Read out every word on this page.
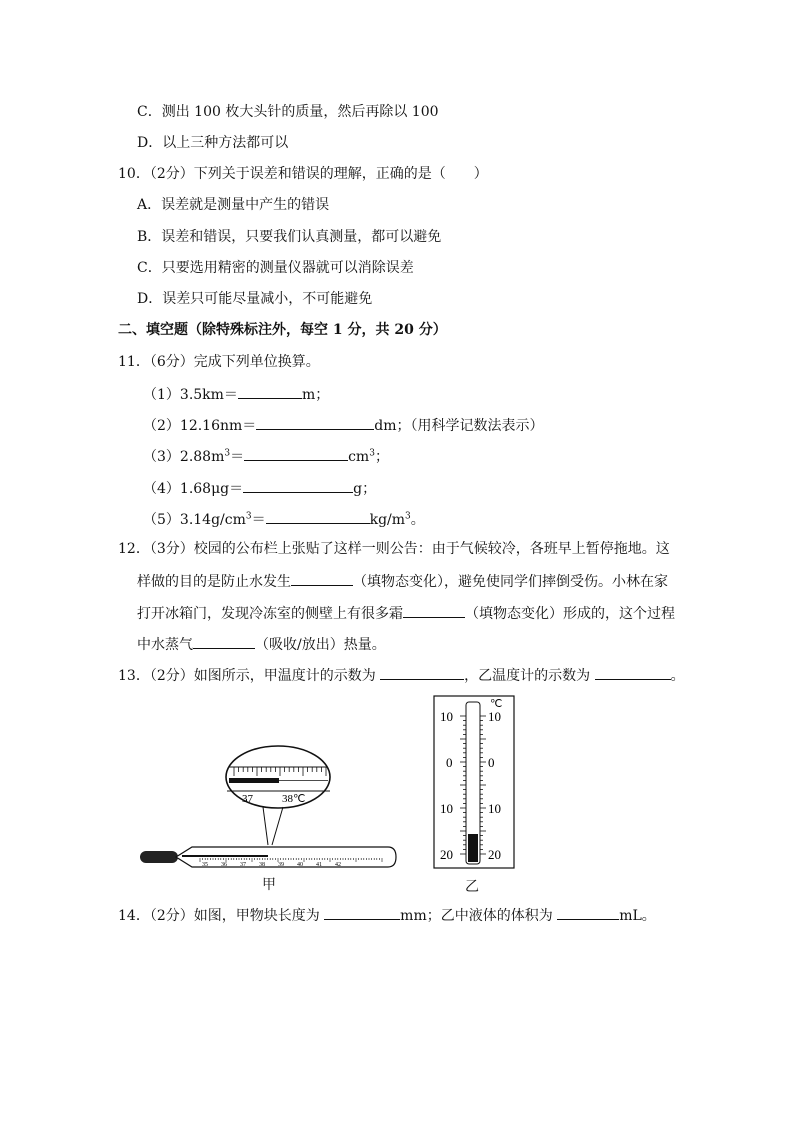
C．测出 100 枚大头针的质量，然后再除以 100
D．以上三种方法都可以
10．（2分）下列关于误差和错误的理解，正确的是（　　）
A．误差就是测量中产生的错误
B．误差和错误，只要我们认真测量，都可以避免
C．只要选用精密的测量仪器就可以消除误差
D．误差只可能尽量减小，不可能避免
二、填空题（除特殊标注外，每空 1 分，共 20 分）
11．（6分）完成下列单位换算。
（1）3.5km＝	m；
（2）12.16nm＝	dm；（用科学记数法表示）
$(3)2.88m^3=$	$cm^3$；
（4）1.68μg＝	g；
$(5)3.14g/cm^3=$	$kg/m^3$。
12．（3分）校园的公布栏上张贴了这样一则公告：由于气候较冷，各班早上暂停拖地。这
样做的目的是防止水发生	（填物态变化），避免使同学们摔倒受伤。小林在家
打开冰箱门，发现冷冻室的侧壁上有很多霜	（填物态变化）形成的，这个过程
中水蒸气	（吸收/放出）热量。
13．（2分）如图所示，甲温度计的示数为	，乙温度计的示数为	。
37	38℃
35 36 37 38 39 40 41 42
甲
℃
10
0
10
20
10
0
10
20
乙
14．（2分）如图，甲物块长度为	mm；乙中液体的体积为	mL。
